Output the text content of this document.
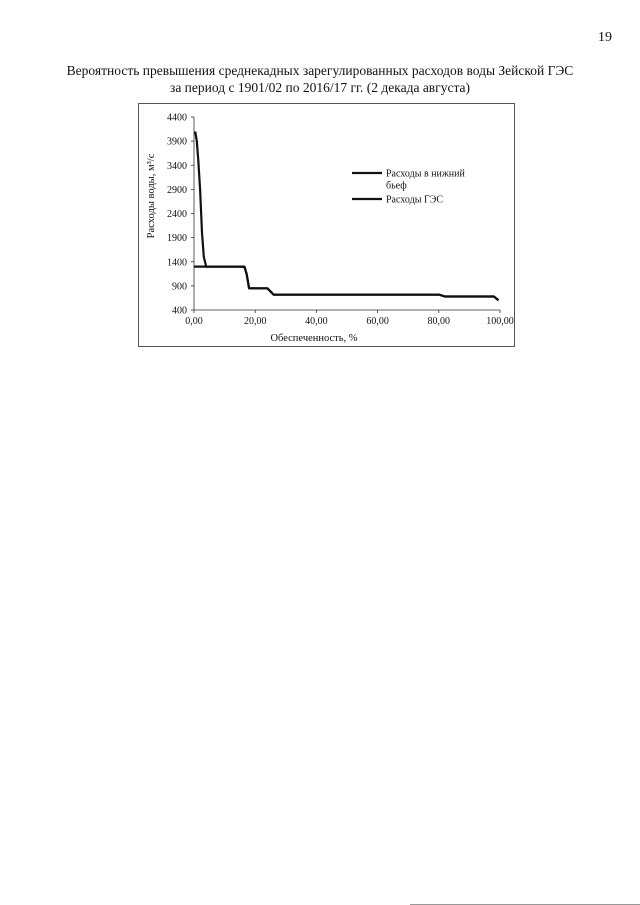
19
Вероятность превышения среднекадных зарегулированных расходов воды Зейской ГЭС
за период с 1901/02 по 2016/17 гг. (2 декада августа)
400
900
1400
1900
2400
2900
3400
3900
4400
0,00	20,00	40,00	60,00	80,00	100,00
Расходы в нижний
бьеф
Расходы ГЭС
Расходы воды, м³/с
Обеспеченность, %
